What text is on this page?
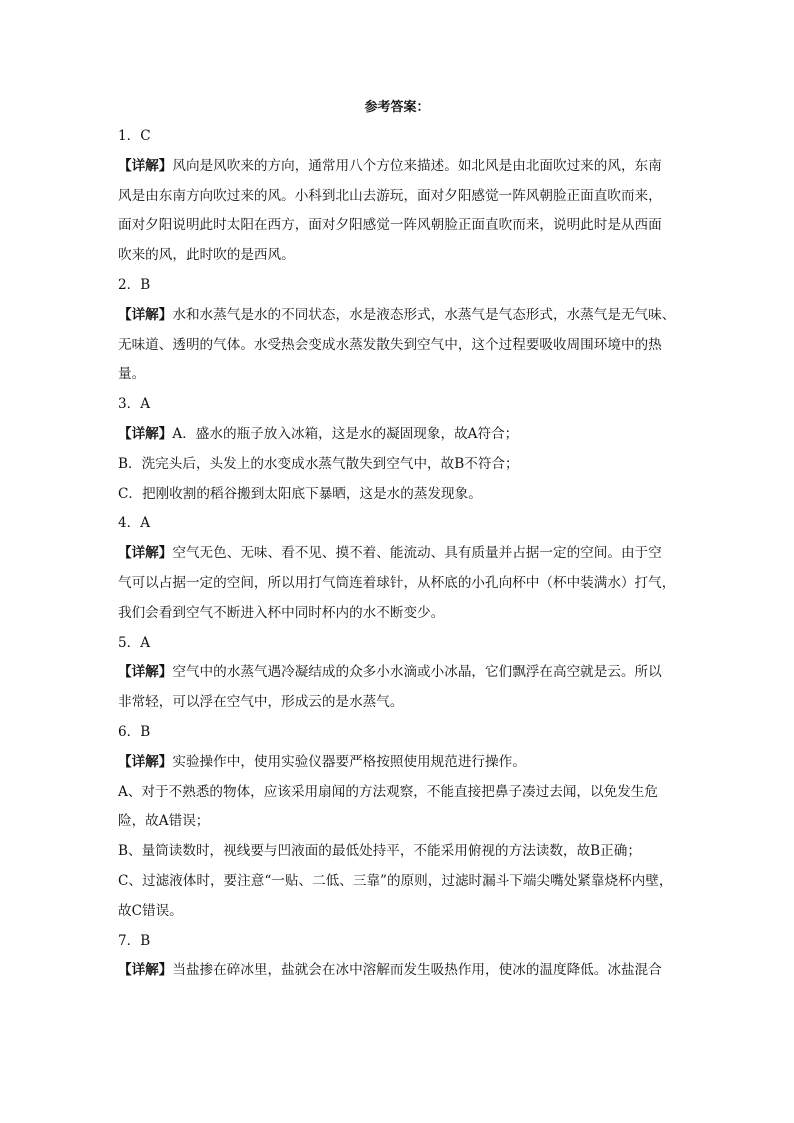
参考答案：

1．C

【详解】风向是风吹来的方向，通常用八个方位来描述。如北风是由北面吹过来的风，东南

风是由东南方向吹过来的风。小科到北山去游玩，面对夕阳感觉一阵风朝脸正面直吹而来，

面对夕阳说明此时太阳在西方，面对夕阳感觉一阵风朝脸正面直吹而来，说明此时是从西面

吹来的风，此时吹的是西风。

2．B

【详解】水和水蒸气是水的不同状态，水是液态形式，水蒸气是气态形式，水蒸气是无气味、

无味道、透明的气体。水受热会变成水蒸发散失到空气中，这个过程要吸收周围环境中的热

量。

3．A

【详解】A．盛水的瓶子放入冰箱，这是水的凝固现象，故A符合；

B．洗完头后，头发上的水变成水蒸气散失到空气中，故B不符合；

C．把刚收割的稻谷搬到太阳底下暴晒，这是水的蒸发现象。

4．A

【详解】空气无色、无味、看不见、摸不着、能流动、具有质量并占据一定的空间。由于空

气可以占据一定的空间，所以用打气筒连着球针，从杯底的小孔向杯中（杯中装满水）打气，

我们会看到空气不断进入杯中同时杯内的水不断变少。

5．A

【详解】空气中的水蒸气遇冷凝结成的众多小水滴或小冰晶，它们飘浮在高空就是云。所以

非常轻，可以浮在空气中，形成云的是水蒸气。

6．B

【详解】实验操作中，使用实验仪器要严格按照使用规范进行操作。

A、对于不熟悉的物体，应该采用扇闻的方法观察，不能直接把鼻子凑过去闻，以免发生危

险，故A错误；

B、量筒读数时，视线要与凹液面的最低处持平，不能采用俯视的方法读数，故B正确；

C、过滤液体时，要注意“一贴、二低、三靠”的原则，过滤时漏斗下端尖嘴处紧靠烧杯内壁，

故C错误。

7．B

【详解】当盐掺在碎冰里，盐就会在冰中溶解而发生吸热作用，使冰的温度降低。冰盐混合
